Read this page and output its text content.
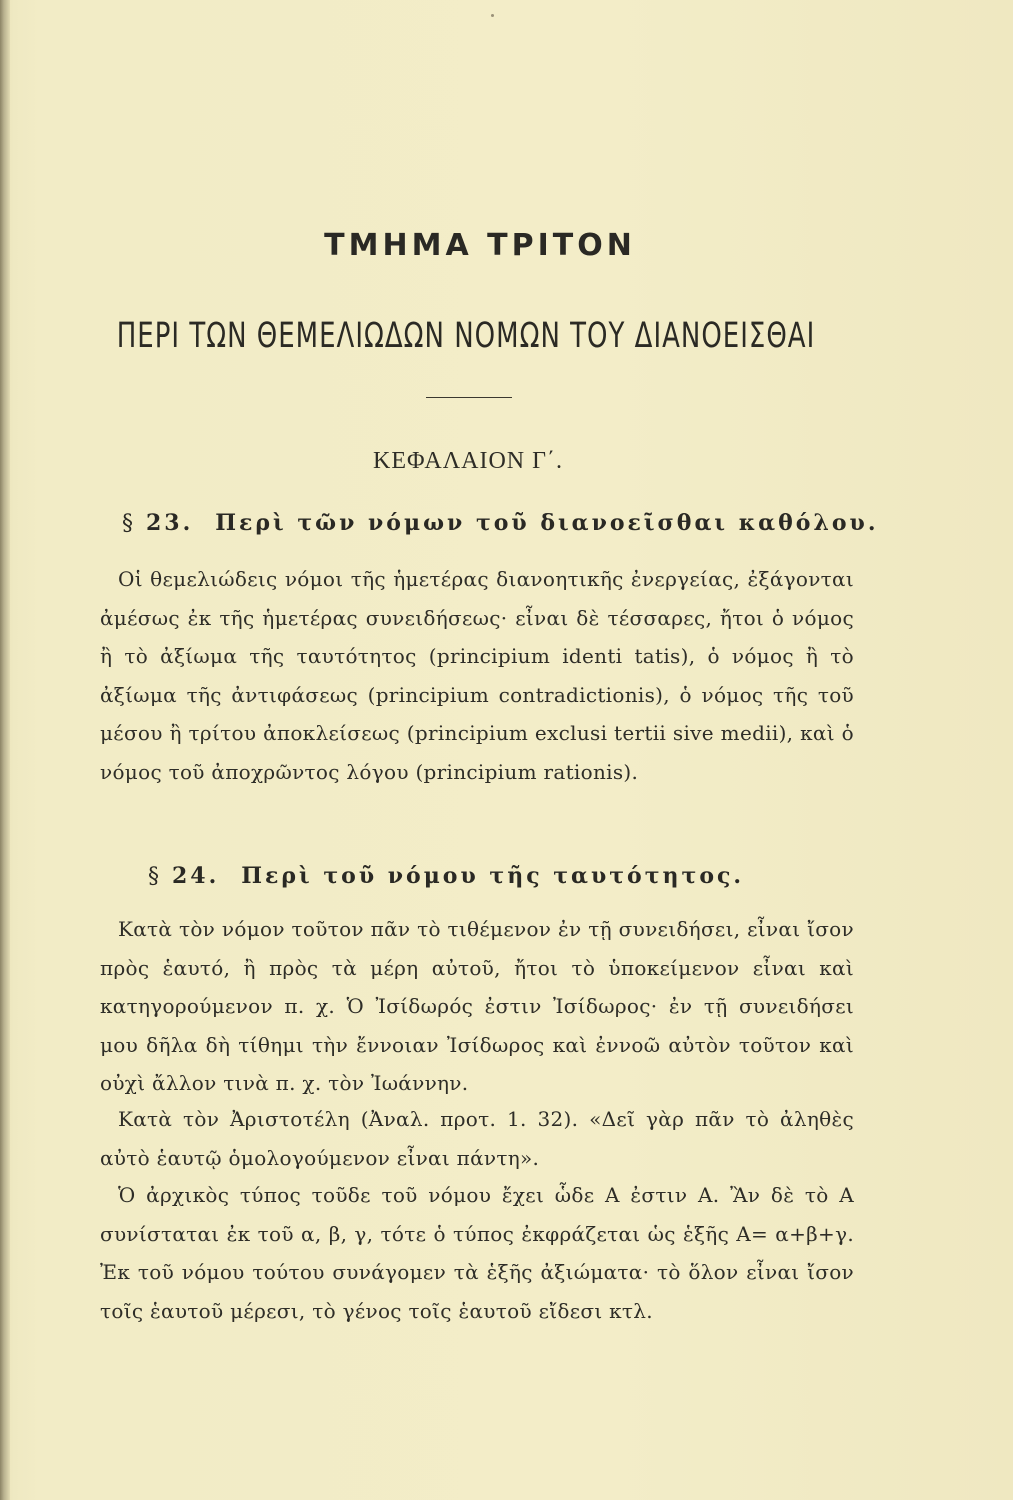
ΤΜΗΜΑ ΤΡΙΤΟΝ
ΠΕΡΙ ΤΩΝ ΘΕΜΕΛΙΩΔΩΝ ΝΟΜΩΝ ΤΟΥ ΔΙΑΝΟΕΙΣΘΑΙ
ΚΕΦΑΛΑΙΟΝ Γ΄.
§ 23. Περὶ τῶν νόμων τοῦ διανοεῖσθαι καθόλου.
Οἱ θεμελιώδεις νόμοι τῆς ἡμετέρας διανοητικῆς ἐνεργείας, ἐξάγονται ἀμέσως ἐκ τῆς ἡμετέρας συνειδήσεως· εἶναι δὲ τέσσαρες, ἤτοι ὁ νόμος ἢ τὸ ἀξίωμα τῆς ταυτότητος (principium identi tatis), ὁ νόμος ἢ τὸ ἀξίωμα τῆς ἀντιφάσεως (principium contradictionis), ὁ νόμος τῆς τοῦ μέσου ἢ τρίτου ἀποκλείσεως (principium exclusi tertii sive medii), καὶ ὁ νόμος τοῦ ἀποχρῶντος λόγου (principium rationis).
§ 24. Περὶ τοῦ νόμου τῆς ταυτότητος.
Κατὰ τὸν νόμον τοῦτον πᾶν τὸ τιθέμενον ἐν τῇ συνειδήσει, εἶναι ἴσον πρὸς ἑαυτό, ἢ πρὸς τὰ μέρη αὐτοῦ, ἤτοι τὸ ὑποκείμενον εἶναι καὶ κατηγορούμενον π. χ. Ὁ Ἰσίδωρός ἐστιν Ἰσίδωρος· ἐν τῇ συνειδήσει μου δῆλα δὴ τίθημι τὴν ἔννοιαν Ἰσίδωρος καὶ ἐννοῶ αὐτὸν τοῦτον καὶ οὐχὶ ἄλλον τινὰ π. χ. τὸν Ἰωάννην.
Κατὰ τὸν Ἀριστοτέλη (Ἀναλ. προτ. 1. 32). «Δεῖ γὰρ πᾶν τὸ ἀληθὲς αὐτὸ ἑαυτῷ ὁμολογούμενον εἶναι πάντη».
Ὁ ἀρχικὸς τύπος τοῦδε τοῦ νόμου ἔχει ὧδε Α ἐστιν Α. Ἂν δὲ τὸ Α συνίσταται ἐκ τοῦ α, β, γ, τότε ὁ τύπος ἐκφράζεται ὡς ἑξῆς Α= α+β+γ. Ἐκ τοῦ νόμου τούτου συνάγομεν τὰ ἑξῆς ἀξιώματα· τὸ ὅλον εἶναι ἴσον τοῖς ἑαυτοῦ μέρεσι, τὸ γένος τοῖς ἑαυτοῦ εἴδεσι κτλ.
